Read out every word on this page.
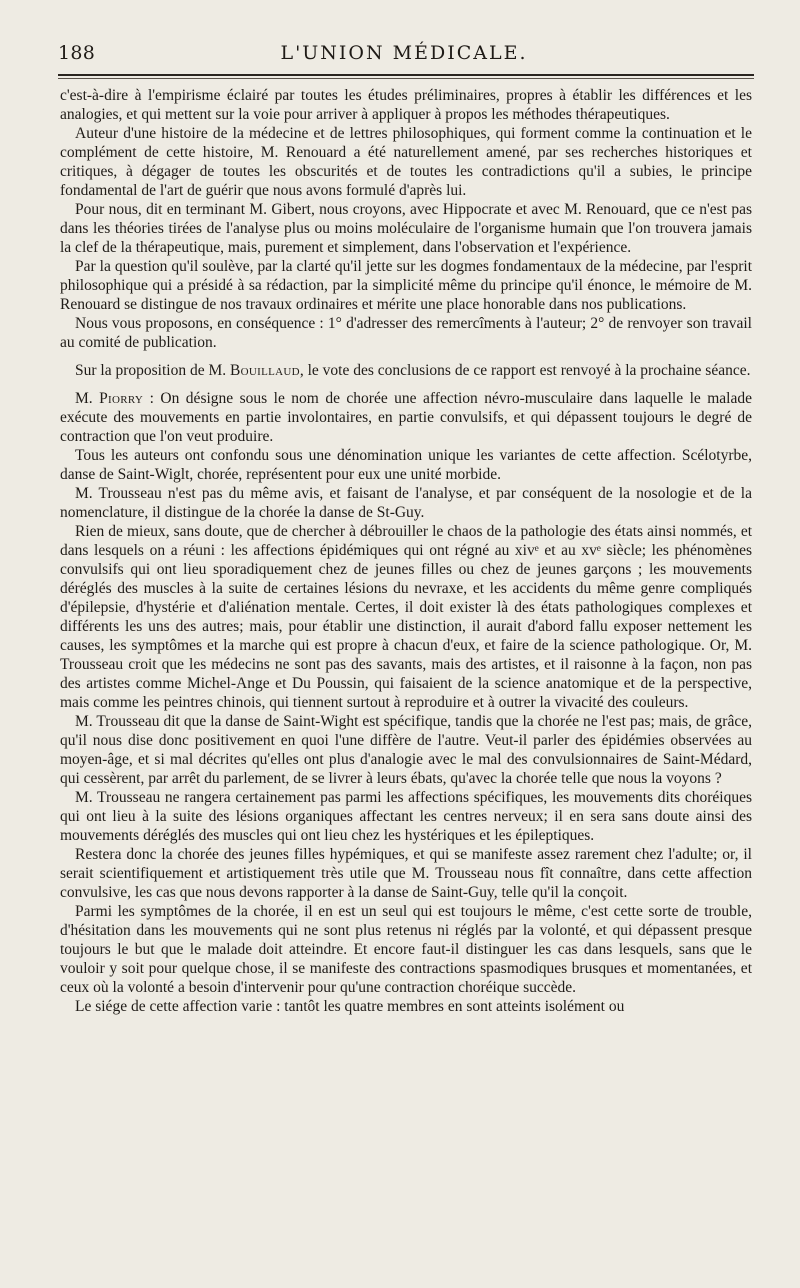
188	L'UNION MÉDICALE.

c'est-à-dire à l'empirisme éclairé par toutes les études préliminaires, propres à établir les différences et les analogies, et qui mettent sur la voie pour arriver à appliquer à propos les méthodes thérapeutiques.

Auteur d'une histoire de la médecine et de lettres philosophiques, qui forment comme la continuation et le complément de cette histoire, M. Renouard a été naturellement amené, par ses recherches historiques et critiques, à dégager de toutes les obscurités et de toutes les contradictions qu'il a subies, le principe fondamental de l'art de guérir que nous avons formulé d'après lui.

Pour nous, dit en terminant M. Gibert, nous croyons, avec Hippocrate et avec M. Renouard, que ce n'est pas dans les théories tirées de l'analyse plus ou moins moléculaire de l'organisme humain que l'on trouvera jamais la clef de la thérapeutique, mais, purement et simplement, dans l'observation et l'expérience.

Par la question qu'il soulève, par la clarté qu'il jette sur les dogmes fondamentaux de la médecine, par l'esprit philosophique qui a présidé à sa rédaction, par la simplicité même du principe qu'il énonce, le mémoire de M. Renouard se distingue de nos travaux ordinaires et mérite une place honorable dans nos publications.

Nous vous proposons, en conséquence : 1° d'adresser des remercîments à l'auteur; 2° de renvoyer son travail au comité de publication.

Sur la proposition de M. Bouillaud, le vote des conclusions de ce rapport est renvoyé à la prochaine séance.

M. Piorry : On désigne sous le nom de chorée une affection névro-musculaire dans laquelle le malade exécute des mouvements en partie involontaires, en partie convulsifs, et qui dépassent toujours le degré de contraction que l'on veut produire.

Tous les auteurs ont confondu sous une dénomination unique les variantes de cette affection. Scélotyrbe, danse de Saint-Wiglt, chorée, représentent pour eux une unité morbide.

M. Trousseau n'est pas du même avis, et faisant de l'analyse, et par conséquent de la nosologie et de la nomenclature, il distingue de la chorée la danse de St-Guy.

Rien de mieux, sans doute, que de chercher à débrouiller le chaos de la pathologie des états ainsi nommés, et dans lesquels on a réuni : les affections épidémiques qui ont régné au xivᵉ et au xvᵉ siècle; les phénomènes convulsifs qui ont lieu sporadiquement chez de jeunes filles ou chez de jeunes garçons ; les mouvements déréglés des muscles à la suite de certaines lésions du nevraxe, et les accidents du même genre compliqués d'épilepsie, d'hystérie et d'aliénation mentale. Certes, il doit exister là des états pathologiques complexes et différents les uns des autres; mais, pour établir une distinction, il aurait d'abord fallu exposer nettement les causes, les symptômes et la marche qui est propre à chacun d'eux, et faire de la science pathologique. Or, M. Trousseau croit que les médecins ne sont pas des savants, mais des artistes, et il raisonne à la façon, non pas des artistes comme Michel-Ange et Du Poussin, qui faisaient de la science anatomique et de la perspective, mais comme les peintres chinois, qui tiennent surtout à reproduire et à outrer la vivacité des couleurs.

M. Trousseau dit que la danse de Saint-Wight est spécifique, tandis que la chorée ne l'est pas; mais, de grâce, qu'il nous dise donc positivement en quoi l'une diffère de l'autre. Veut-il parler des épidémies observées au moyen-âge, et si mal décrites qu'elles ont plus d'analogie avec le mal des convulsionnaires de Saint-Médard, qui cessèrent, par arrêt du parlement, de se livrer à leurs ébats, qu'avec la chorée telle que nous la voyons ?

M. Trousseau ne rangera certainement pas parmi les affections spécifiques, les mouvements dits choréiques qui ont lieu à la suite des lésions organiques affectant les centres nerveux; il en sera sans doute ainsi des mouvements déréglés des muscles qui ont lieu chez les hystériques et les épileptiques.

Restera donc la chorée des jeunes filles hypémiques, et qui se manifeste assez rarement chez l'adulte; or, il serait scientifiquement et artistiquement très utile que M. Trousseau nous fît connaître, dans cette affection convulsive, les cas que nous devons rapporter à la danse de Saint-Guy, telle qu'il la conçoit.

Parmi les symptômes de la chorée, il en est un seul qui est toujours le même, c'est cette sorte de trouble, d'hésitation dans les mouvements qui ne sont plus retenus ni réglés par la volonté, et qui dépassent presque toujours le but que le malade doit atteindre. Et encore faut-il distinguer les cas dans lesquels, sans que le vouloir y soit pour quelque chose, il se manifeste des contractions spasmodiques brusques et momentanées, et ceux où la volonté a besoin d'intervenir pour qu'une contraction choréique succède.

Le siége de cette affection varie : tantôt les quatre membres en sont atteints isolément ou
